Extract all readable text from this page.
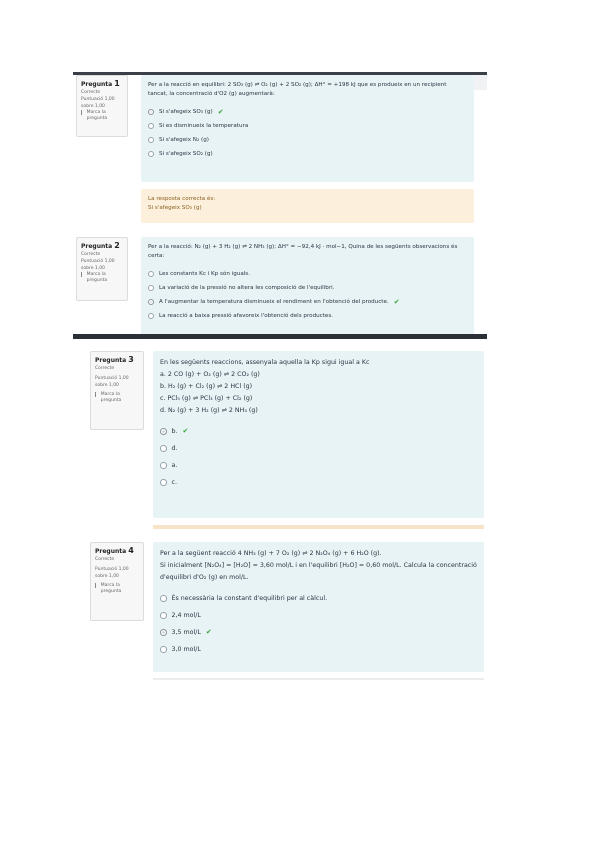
Pregunta 1
Correcte
Puntuació 1,00 sobre 1,00
Marca la pregunta
Per a la reacció en equilibri: 2 SO₃ (g) ⇌ O₂ (g) + 2 SO₂ (g); ΔH° = +198 kJ que es produeix en un recipient tancat, la concentració d'O2 (g) augmentarà:
Si s'afegeix SO₃ (g) ✔
Si es disminueix la temperatura
Si s'afegeix N₂ (g)
Si s'afegeix SO₂ (g)
La resposta correcta és:
Si s'afegeix SO₃ (g)
Pregunta 2
Correcte
Puntuació 1,00 sobre 1,00
Marca la pregunta
Per a la reacció: N₂ (g) + 3 H₂ (g) ⇌ 2 NH₃ (g); ΔH° = −92,4 kJ · mol−1, Quina de les següents observacions és certa:
Les constants Kc i Kp són iguals.
La variació de la pressió no altera les composició de l'equilibri.
A l'augmentar la temperatura disminueix el rendiment en l'obtenció del producte. ✔
La reacció a baixa pressió afavoreix l'obtenció dels productes.
Pregunta 3
Correcte
Puntuació 1,00 sobre 1,00
Marca la pregunta
En les següents reaccions, assenyala aquella la Kp sigui igual a Kc
a. 2 CO (g) + O₂ (g) ⇌ 2 CO₂ (g)
b. H₂ (g) + Cl₂ (g) ⇌ 2 HCl (g)
c. PCl₅ (g) ⇌ PCl₃ (g) + Cl₂ (g)
d. N₂ (g) + 3 H₂ (g) ⇌ 2 NH₃ (g)
b. ✔
d.
a.
c.
Pregunta 4
Correcte
Puntuació 1,00 sobre 1,00
Marca la pregunta
Per a la següent reacció 4 NH₃ (g) + 7 O₂ (g) ⇌ 2 N₂O₄ (g) + 6 H₂O (g).
Si inicialment [N₂O₄] = [H₂O] = 3,60 mol/L i en l'equilibri [H₂O] = 0,60 mol/L. Calcula la concentració d'equilibri d'O₂ (g) en mol/L.
És necessària la constant d'equilibri per al càlcul.
2,4 mol/L
3,5 mol/L ✔
3,0 mol/L
